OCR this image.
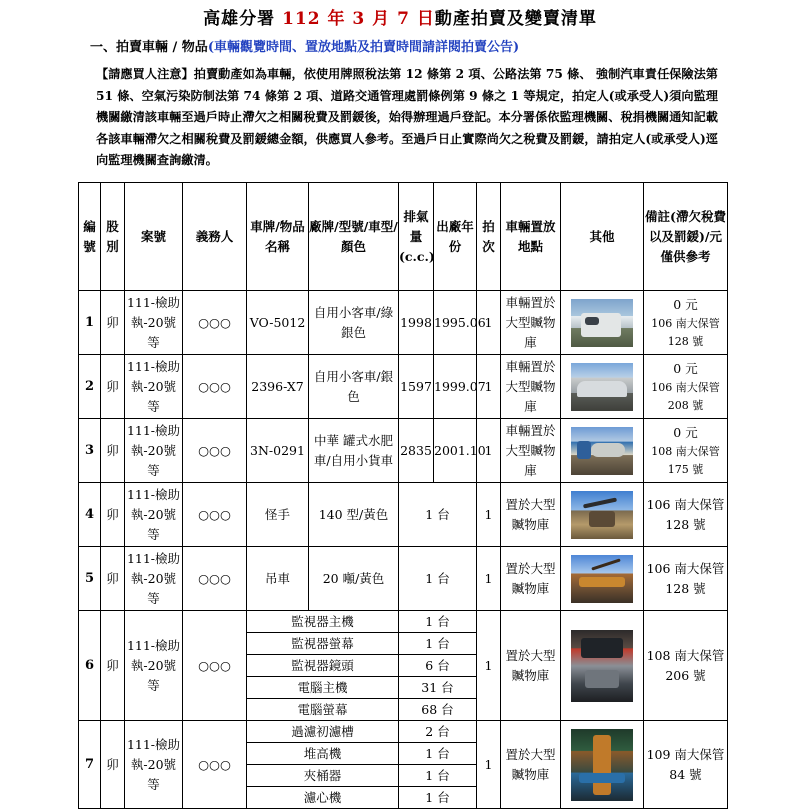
高雄分署 112 年 3 月 7 日動產拍賣及變賣清單
一、拍賣車輛 / 物品(車輛觀覽時間、置放地點及拍賣時間請詳閱拍賣公告)
【請應買人注意】拍賣動產如為車輛，依使用牌照稅法第 12 條第 2 項、公路法第 75 條、 強制汽車責任保險法第 51 條、空氣污染防制法第 74 條第 2 項、道路交通管理處罰條例第 9 條之 1 等規定，拍定人(或承受人)須向監理機關繳清該車輛至過戶時止滯欠之相關稅費及罰鍰後，始得辦理過戶登記。本分署係依監理機關、稅捐機關通知記載各該車輛滯欠之相關稅費及罰鍰總金額，供應買人參考。至過戶日止實際尚欠之稅費及罰鍰，請拍定人(或承受人)逕向監理機關查詢繳清。
編號	股別	案號	義務人	車牌/物品名稱	廠牌/型號/車型/顏色	排氣量(c.c.)	出廠年份	拍次	車輛置放地點	其他	備註(滯欠稅費以及罰鍰)/元僅供參考
1	卯	111-檢助執-20號等	○○○	VO-5012	自用小客車/綠銀色	1998	1995.06	1	車輛置於大型贓物庫		0 元
106 南大保管 128 號

2	卯	111-檢助執-20號等	○○○	2396-X7	自用小客車/銀色	1597	1999.07	1	車輛置於大型贓物庫		0 元
106 南大保管 208 號

3	卯	111-檢助執-20號等	○○○	3N-0291	中華 罐式水肥車/自用小貨車	2835	2001.10	1	車輛置於大型贓物庫		0 元
108 南大保管 175 號

4	卯	111-檢助執-20號等	○○○	怪手	140 型/黃色	1 台		1	置於大型贓物庫		106 南大保管 128 號
5	卯	111-檢助執-20號等	○○○	吊車	20 噸/黃色	1 台		1	置於大型贓物庫		106 南大保管 128 號
6	卯	111-檢助執-20號等	○○○	監視器主機		1 台		1	置於大型贓物庫		108 南大保管 206 號
				監視器螢幕		1 台					
				監視器鏡頭		6 台					
				電腦主機		31 台					
				電腦螢幕		68 台					
7	卯	111-檢助執-20號等	○○○	過濾初濾槽		2 台		1	置於大型贓物庫		109 南大保管 84 號
				堆高機		1 台					
				夾桶器		1 台					
				濾心機		1 台					
